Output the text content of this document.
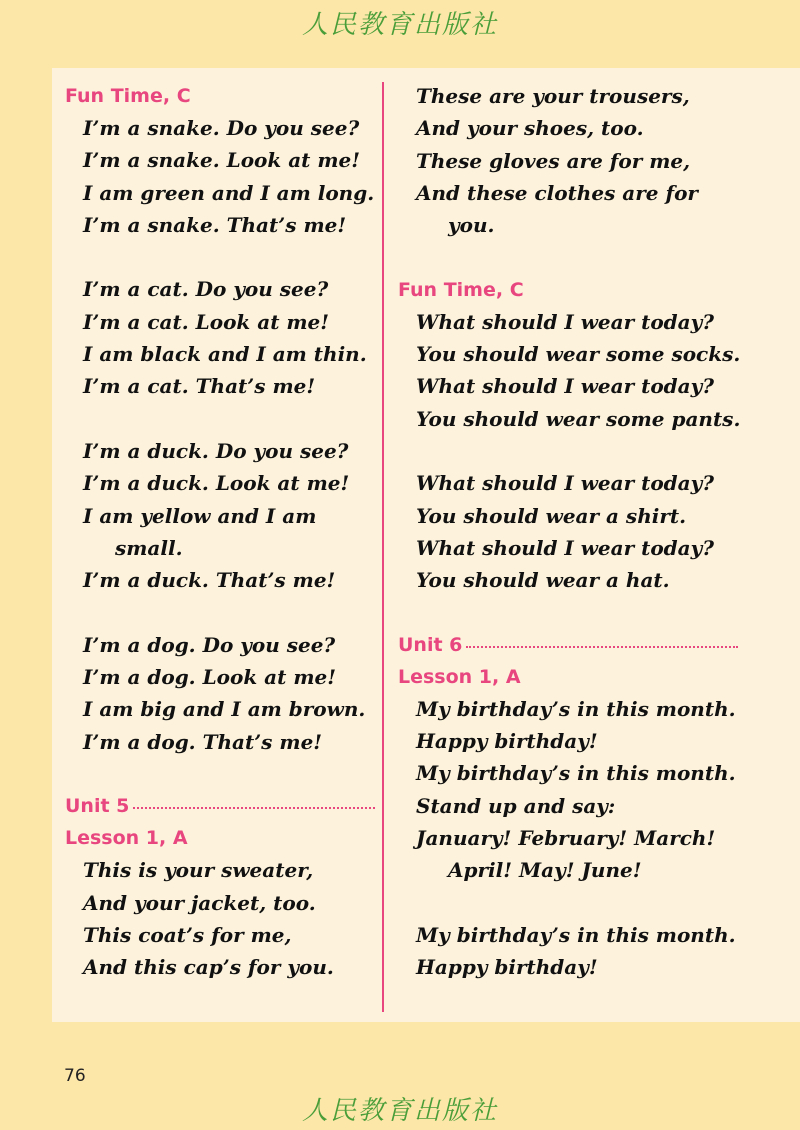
人民教育出版社
Fun Time, C
I’m a snake. Do you see?
I’m a snake. Look at me!
I am green and I am long.
I’m a snake. That’s me!
I’m a cat. Do you see?
I’m a cat. Look at me!
I am black and I am thin.
I’m a cat. That’s me!
I’m a duck. Do you see?
I’m a duck. Look at me!
I am yellow and I am
small.
I’m a duck. That’s me!
I’m a dog. Do you see?
I’m a dog. Look at me!
I am big and I am brown.
I’m a dog. That’s me!
Unit 5
Lesson 1, A
This is your sweater,
And your jacket, too.
This coat’s for me,
And this cap’s for you.
These are your trousers,
And your shoes, too.
These gloves are for me,
And these clothes are for
you.
Fun Time, C
What should I wear today?
You should wear some socks.
What should I wear today?
You should wear some pants.
What should I wear today?
You should wear a shirt.
What should I wear today?
You should wear a hat.
Unit 6
Lesson 1, A
My birthday’s in this month.
Happy birthday!
My birthday’s in this month.
Stand up and say:
January! February! March!
April! May! June!
My birthday’s in this month.
Happy birthday!
76
人民教育出版社
